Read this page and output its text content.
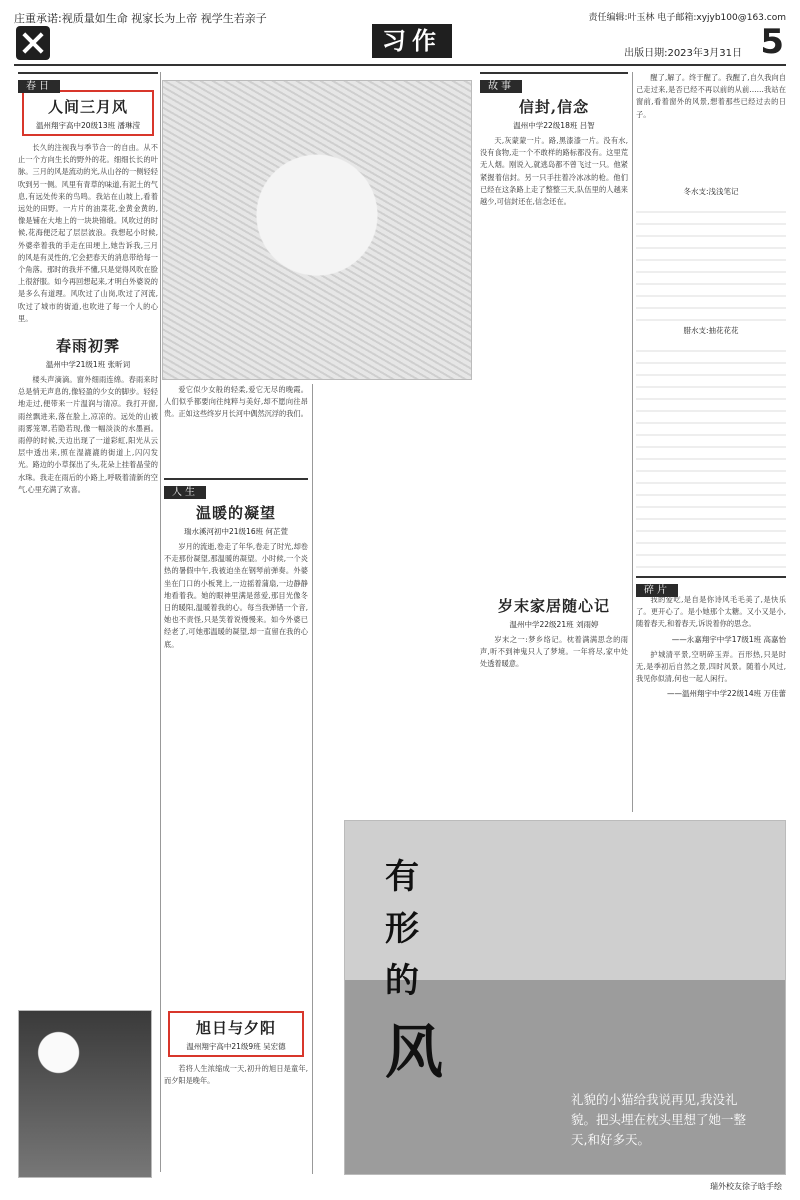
庄重承诺:视质量如生命 视家长为上帝 视学生若亲子	责任编辑:叶玉林 电子邮箱:xyjyb100@163.com
习作	出版日期:2023年3月31日 5
春日
人间三月风
温州翔宇高中20级13班 潘琳滢

长久的注视我与季节合一的自由。从不止一个方向生长的野外的花。细细长长的叶脉。三月的风是流动的光,从山谷的一侧轻轻吹到另一侧。风里有青草的味道,有泥土的气息,有远处传来的鸟鸣。我站在山坡上,看着远处的田野。一片片的油菜花,金黄金黄的,像是铺在大地上的一块块锦缎。风吹过的时候,花海便泛起了层层波浪。我想起小时候,外婆牵着我的手走在田埂上,她告诉我,三月的风是有灵性的,它会把春天的消息带给每一个角落。那时的我并不懂,只是觉得风吹在脸上很舒服。如今再回想起来,才明白外婆说的是多么有道理。风吹过了山岗,吹过了河流,吹过了城市的街道,也吹进了每一个人的心里。

春雨初霁
温州中学21级1班 张昕词

楼头声滴滴。窗外细雨连绵。春雨来时总是悄无声息的,像轻盈的少女的脚步。轻轻地走过,便带来一片温润与清凉。我打开窗,雨丝飘进来,落在脸上,凉凉的。远处的山被雨雾笼罩,若隐若现,像一幅淡淡的水墨画。雨停的时候,天边出现了一道彩虹,阳光从云层中透出来,照在湿漉漉的街道上,闪闪发光。路边的小草探出了头,花朵上挂着晶莹的水珠。我走在雨后的小路上,呼吸着清新的空气,心里充满了欢喜。

爱它似少女般的轻柔,爱它无尽的晚霞。人们似乎都要向往纯粹与美好,却不愿向往昂贵。正如这些终岁月长河中偶然沉浮的我们。

人生
温暖的凝望
瑞水溪河初中21级16班 何芷萱

岁月的流逝,卷走了年华,卷走了时光,却卷不走那份凝望,那温暖的凝望。小时候,一个炎热的暑假中午,我被迫坐在钢琴前弹奏。外婆坐在门口的小板凳上,一边摇着蒲扇,一边静静地看着我。她的眼神里满是慈爱,那目光像冬日的暖阳,温暖着我的心。每当我弹错一个音,她也不责怪,只是笑着说慢慢来。如今外婆已经老了,可她那温暖的凝望,却一直留在我的心底。

旭日与夕阳
温州翔宇高中21级9班 吴宏德

若将人生浓缩成一天,初升的旭日是童年,而夕阳是晚年。

故事
信封,信念
温州中学22级18班 吕智

天,灰蒙蒙一片。路,黑漆漆一片。没有水,没有食物,走一个不敢样的路标都没有。这里荒无人烟。刚说入,就逃岛都不曾飞过一只。他紧紧握着信封。另一只手拄着冷冰冰的枪。他们已经在这条路上走了整整三天,队伍里的人越来越少,可信封还在,信念还在。

岁末家居随心记
温州中学22级21班 刘雨婷

岁末之一:梦乡络记。枕着满满思念的雨声,听不到神鬼只人了梦境。一年将尽,家中处处透着暖意。

醒了,解了。终于醒了。我醒了,自久我向自己走过来,是否已经不再以前的从前……我站在窗前,看着窗外的风景,想着那些已经过去的日子。

冬水支:浅浅笔记
腊水支:抽花花花
碎片

我的爱吃,是自是你诗风毛毛美了,是快乐了。更开心了。是小她那个太糖。又小又是小,随着春天,和着春天,诉说着你的思念。

——永嘉翔宇中学17级1班 高嘉怡

护城清平景,空明碎玉弄。百形热,只是时无,是季初后自然之景,四时风景。随着小风过,我见你似清,何也一起人闲行。

——温州翔宇中学22级14班 万佳蕾
有形的
风
礼貌的小猫给我说再见,我没礼貌。把头埋在枕头里想了她一整天,和好多天。
瑞外校友徐子晗手绘
